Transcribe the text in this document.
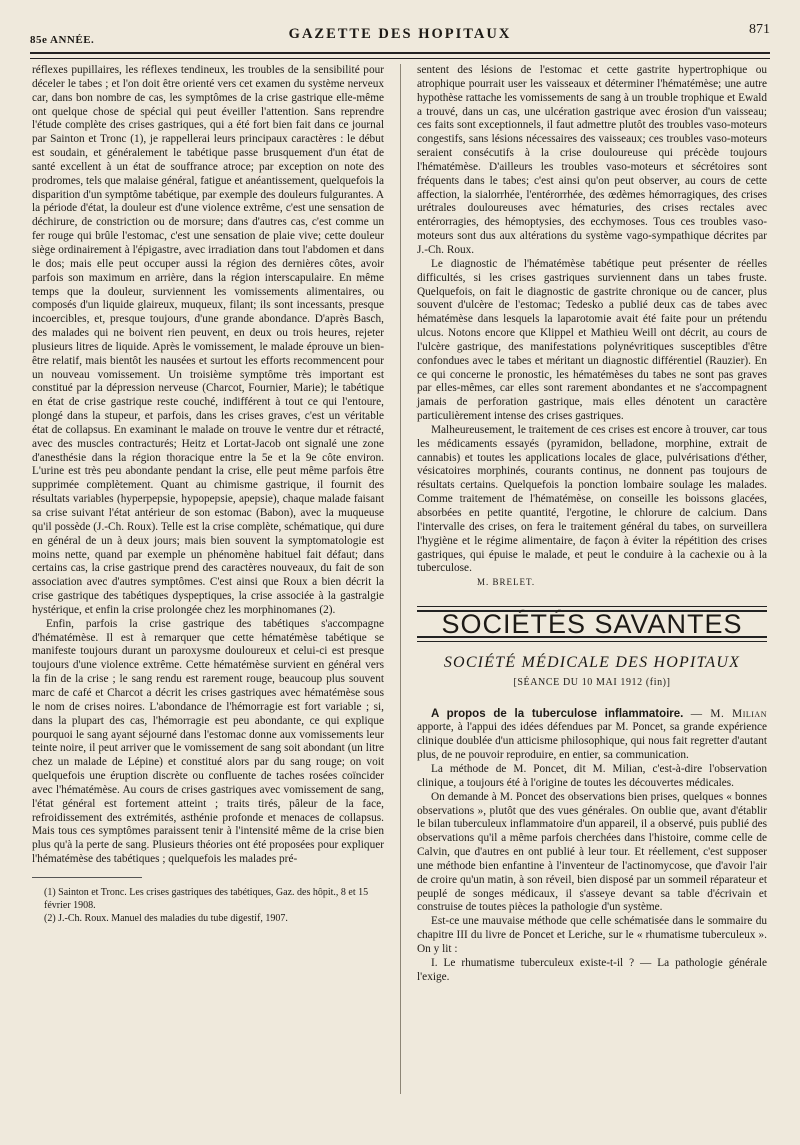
85e ANNÉE.	GAZETTE DES HOPITAUX	871

réflexes pupillaires, les réflexes tendineux, les troubles de la sensibilité pour déceler le tabes ; et l'on doit être orienté vers cet examen du système nerveux car, dans bon nombre de cas, les symptômes de la crise gastrique elle-même ont quelque chose de spécial qui peut éveiller l'attention. Sans reprendre l'étude complète des crises gastriques, qui a été fort bien fait dans ce journal par Sainton et Tronc (1), je rappellerai leurs principaux caractères : le début est soudain, et généralement le tabétique passe brusquement d'un état de santé excellent à un état de souffrance atroce; par exception on note des prodromes, tels que malaise général, fatigue et anéantissement, quelquefois la disparition d'un symptôme tabétique, par exemple des douleurs fulgurantes. A la période d'état, la douleur est d'une violence extrême, c'est une sensation de déchirure, de constriction ou de morsure; dans d'autres cas, c'est comme un fer rouge qui brûle l'estomac, c'est une sensation de plaie vive; cette douleur siège ordinairement à l'épigastre, avec irradiation dans tout l'abdomen et dans le dos; mais elle peut occuper aussi la région des dernières côtes, avoir parfois son maximum en arrière, dans la région interscapulaire. En même temps que la douleur, surviennent les vomissements alimentaires, ou composés d'un liquide glaireux, muqueux, filant; ils sont incessants, presque incoercibles, et, presque toujours, d'une grande abondance. D'après Basch, des malades qui ne boivent rien peuvent, en deux ou trois heures, rejeter plusieurs litres de liquide. Après le vomissement, le malade éprouve un bien-être relatif, mais bientôt les nausées et surtout les efforts recommencent pour un nouveau vomissement. Un troisième symptôme très important est constitué par la dépression nerveuse (Charcot, Fournier, Marie); le tabétique en état de crise gastrique reste couché, indifférent à tout ce qui l'entoure, plongé dans la stupeur, et parfois, dans les crises graves, c'est un véritable état de collapsus. En examinant le malade on trouve le ventre dur et rétracté, avec des muscles contracturés; Heitz et Lortat-Jacob ont signalé une zone d'anesthésie dans la région thoracique entre la 5e et la 9e côte environ. L'urine est très peu abondante pendant la crise, elle peut même parfois être supprimée complètement. Quant au chimisme gastrique, il fournit des résultats variables (hyperpepsie, hypopepsie, apepsie), chaque malade faisant sa crise suivant l'état antérieur de son estomac (Babon), avec la muqueuse qu'il possède (J.-Ch. Roux). Telle est la crise complète, schématique, qui dure en général de un à deux jours; mais bien souvent la symptomatologie est moins nette, quand par exemple un phénomène habituel fait défaut; dans certains cas, la crise gastrique prend des caractères nouveaux, du fait de son association avec d'autres symptômes. C'est ainsi que Roux a bien décrit la crise gastrique des tabétiques dyspeptiques, la crise associée à la gastralgie hystérique, et enfin la crise prolongée chez les morphinomanes (2).

Enfin, parfois la crise gastrique des tabétiques s'accompagne d'hématémèse. Il est à remarquer que cette hématémèse tabétique se manifeste toujours durant un paroxysme douloureux et celui-ci est presque toujours d'une violence extrême. Cette hématémèse survient en général vers la fin de la crise ; le sang rendu est rarement rouge, beaucoup plus souvent marc de café et Charcot a décrit les crises gastriques avec hématémèse sous le nom de crises noires. L'abondance de l'hémorragie est fort variable ; si, dans la plupart des cas, l'hémorragie est peu abondante, ce qui explique pourquoi le sang ayant séjourné dans l'estomac donne aux vomissements leur teinte noire, il peut arriver que le vomissement de sang soit abondant (un litre chez un malade de Lépine) et constitué alors par du sang rouge; on voit quelquefois une éruption discrète ou confluente de taches rosées coïncider avec l'hématémèse. Au cours de crises gastriques avec vomissement de sang, l'état général est fortement atteint ; traits tirés, pâleur de la face, refroidissement des extrémités, asthénie profonde et menaces de collapsus. Mais tous ces symptômes paraissent tenir à l'intensité même de la crise bien plus qu'à la perte de sang. Plusieurs théories ont été proposées pour expliquer l'hématémèse des tabétiques ; quelquefois les malades pré-

(1) Sainton et Tronc. Les crises gastriques des tabétiques, Gaz. des hôpit., 8 et 15 février 1908.

(2) J.-Ch. Roux. Manuel des maladies du tube digestif, 1907.

sentent des lésions de l'estomac et cette gastrite hypertrophique ou atrophique pourrait user les vaisseaux et déterminer l'hématémèse; une autre hypothèse rattache les vomissements de sang à un trouble trophique et Ewald a trouvé, dans un cas, une ulcération gastrique avec érosion d'un vaisseau; ces faits sont exceptionnels, il faut admettre plutôt des troubles vaso-moteurs congestifs, sans lésions nécessaires des vaisseaux; ces troubles vaso-moteurs seraient consécutifs à la crise douloureuse qui précède toujours l'hématémèse. D'ailleurs les troubles vaso-moteurs et sécrétoires sont fréquents dans le tabes; c'est ainsi qu'on peut observer, au cours de cette affection, la sialorrhée, l'entérorrhée, des œdèmes hémorragiques, des crises urétrales douloureuses avec hématuries, des crises rectales avec entérorragies, des hémoptysies, des ecchymoses. Tous ces troubles vaso-moteurs sont dus aux altérations du système vago-sympathique décrites par J.-Ch. Roux.

Le diagnostic de l'hématémèse tabétique peut présenter de réelles difficultés, si les crises gastriques surviennent dans un tabes fruste. Quelquefois, on fait le diagnostic de gastrite chronique ou de cancer, plus souvent d'ulcère de l'estomac; Tedesko a publié deux cas de tabes avec hématémèse dans lesquels la laparotomie avait été faite pour un prétendu ulcus. Notons encore que Klippel et Mathieu Weill ont décrit, au cours de l'ulcère gastrique, des manifestations polynévritiques susceptibles d'être confondues avec le tabes et méritant un diagnostic différentiel (Rauzier). En ce qui concerne le pronostic, les hématémèses du tabes ne sont pas graves par elles-mêmes, car elles sont rarement abondantes et ne s'accompagnent jamais de perforation gastrique, mais elles dénotent un caractère particulièrement intense des crises gastriques.

Malheureusement, le traitement de ces crises est encore à trouver, car tous les médicaments essayés (pyramidon, belladone, morphine, extrait de cannabis) et toutes les applications locales de glace, pulvérisations d'éther, vésicatoires morphinés, courants continus, ne donnent pas toujours de résultats certains. Quelquefois la ponction lombaire soulage les malades. Comme traitement de l'hématémèse, on conseille les boissons glacées, absorbées en petite quantité, l'ergotine, le chlorure de calcium. Dans l'intervalle des crises, on fera le traitement général du tabes, on surveillera l'hygiène et le régime alimentaire, de façon à éviter la répétition des crises gastriques, qui épuise le malade, et peut le conduire à la cachexie ou à la tuberculose.

M. BRELET.
SOCIÉTÉS SAVANTES
SOCIÉTÉ MÉDICALE DES HOPITAUX
[SÉANCE DU 10 MAI 1912 (fin)]

A propos de la tuberculose inflammatoire. — M. Milian apporte, à l'appui des idées défendues par M. Poncet, sa grande expérience clinique doublée d'un atticisme philosophique, qui nous fait regretter d'autant plus, de ne pouvoir reproduire, en entier, sa communication.

La méthode de M. Poncet, dit M. Milian, c'est-à-dire l'observation clinique, a toujours été à l'origine de toutes les découvertes médicales.

On demande à M. Poncet des observations bien prises, quelques « bonnes observations », plutôt que des vues générales. On oublie que, avant d'établir le bilan tuberculeux inflammatoire d'un appareil, il a observé, puis publié des observations qu'il a même parfois cherchées dans l'histoire, comme celle de Calvin, que d'autres en ont publié à leur tour. Et réellement, c'est supposer une méthode bien enfantine à l'inventeur de l'actinomycose, que d'avoir l'air de croire qu'un matin, à son réveil, bien disposé par un sommeil réparateur et peuplé de songes médicaux, il s'asseye devant sa table d'écrivain et construise de toutes pièces la pathologie d'un système.

Est-ce une mauvaise méthode que celle schématisée dans le sommaire du chapitre III du livre de Poncet et Leriche, sur le « rhumatisme tuberculeux ». On y lit :

I. Le rhumatisme tuberculeux existe-t-il ? — La pathologie générale l'exige.
